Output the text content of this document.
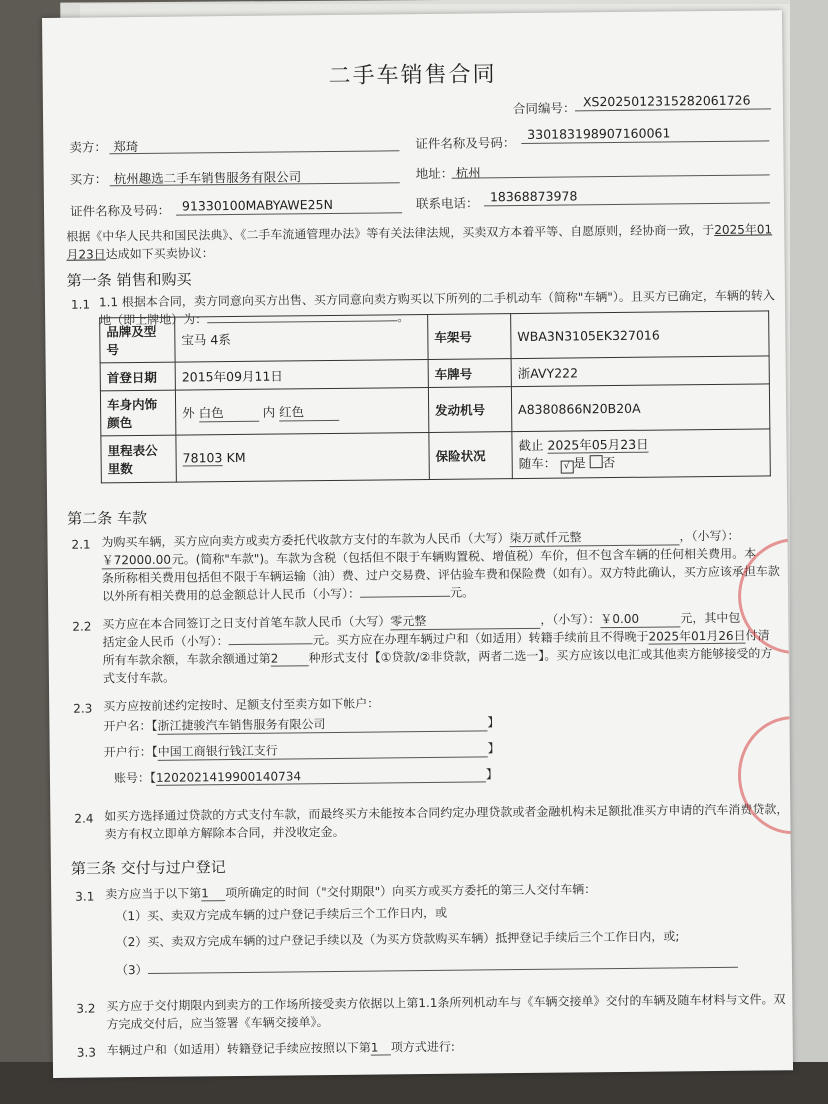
二手车销售合同
合同编号： XS2025012315282061726
卖方： 郑琦	证件名称及号码：
330183198907160061
买方： 杭州趣选二手车销售服务有限公司	地址： 杭州
证件名称及号码： 91330100MABYAWE25N	联系电话： 18368873978
根据《中华人民共和国民法典》、《二手车流通管理办法》等有关法律法规，买卖双方本着平等、自愿原则，经协商一致，于2025年01
月23日达成如下买卖协议：
第一条 销售和购买
1.1 1.1 根据本合同，卖方同意向买方出售、买方同意向卖方购买以下所列的二手机动车（简称"车辆"）。且买方已确定，车辆的转入
地（即上牌地）为：	。
品牌及型号	宝马 4系	车架号	WBA3N3105EK327016
首登日期	2015年09月11日	车牌号	浙AVY222
车身内饰颜色	外 白色 内 红色	发动机号	A8380866N20B20A
里程表公里数	78103 KM	保险状况	截止 2025年05月23日
随车： √ 是 否
第二条 车款
2.1 为购买车辆，买方应向卖方或卖方委托代收款方支付的车款为人民币（大写）柒万贰仟元整	，（小写）：
￥72000.00元。(简称"车款")。车款为含税（包括但不限于车辆购置税、增值税）车价，但不包含车辆的任何相关费用。本
条所称相关费用包括但不限于车辆运输（油）费、过户交易费、评估验车费和保险费（如有）。双方特此确认，买方应该承担车款
以外所有相关费用的总金额总计人民币（小写）：	元。
2.2 买方应在本合同签订之日支付首笔车款人民币（大写）零元整	，（小写）：￥0.00	元，其中包
括定金人民币（小写）：	元。买方应在办理车辆过户和（如适用）转籍手续前且不得晚于2025年01月26日付清
所有车款余额，车款余额通过第2	种形式支付【①贷款/②非贷款，两者二选一】。买方应该以电汇或其他卖方能够接受的方
式支付车款。
2.3 买方应按前述约定按时、足额支付至卖方如下帐户：
开户名：【浙江捷骏汽车销售服务有限公司	】
开户行：【中国工商银行钱江支行	】
账号：【1202021419900140734	】
2.4 如买方选择通过贷款的方式支付车款，而最终买方未能按本合同约定办理贷款或者金融机构未足额批准买方申请的汽车消费贷款，
卖方有权立即单方解除本合同，并没收定金。
第三条 交付与过户登记
3.1 卖方应当于以下第1 项所确定的时间（"交付期限"）向买方或买方委托的第三人交付车辆：
（1）买、卖双方完成车辆的过户登记手续后三个工作日内，或
（2）买、卖双方完成车辆的过户登记手续以及（为买方贷款购买车辆）抵押登记手续后三个工作日内，或;
（3）
3.2 买方应于交付期限内到卖方的工作场所接受卖方依据以上第1.1条所列机动车与《车辆交接单》交付的车辆及随车材料与文件。双
方完成交付后，应当签署《车辆交接单》。
3.3 车辆过户和（如适用）转籍登记手续应按照以下第1 项方式进行:
